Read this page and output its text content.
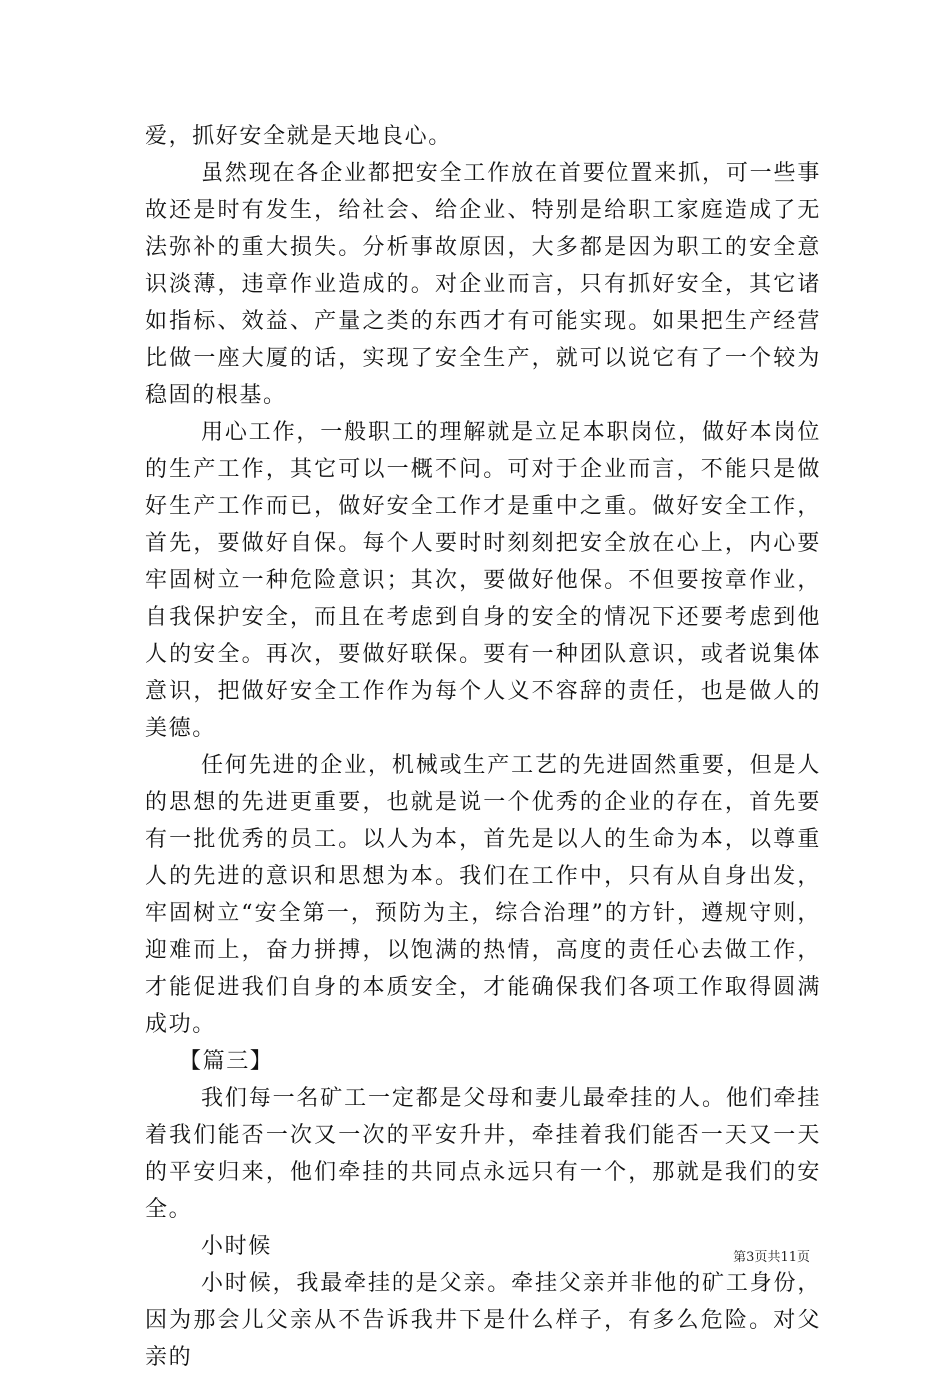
爱，抓好安全就是天地良心。

虽然现在各企业都把安全工作放在首要位置来抓，可一些事故还是时有发生，给社会、给企业、特别是给职工家庭造成了无法弥补的重大损失。分析事故原因，大多都是因为职工的安全意识淡薄，违章作业造成的。对企业而言，只有抓好安全，其它诸如指标、效益、产量之类的东西才有可能实现。如果把生产经营比做一座大厦的话，实现了安全生产，就可以说它有了一个较为稳固的根基。

用心工作，一般职工的理解就是立足本职岗位，做好本岗位的生产工作，其它可以一概不问。可对于企业而言，不能只是做好生产工作而已，做好安全工作才是重中之重。做好安全工作，首先，要做好自保。每个人要时时刻刻把安全放在心上，内心要牢固树立一种危险意识；其次，要做好他保。不但要按章作业，自我保护安全，而且在考虑到自身的安全的情况下还要考虑到他人的安全。再次，要做好联保。要有一种团队意识，或者说集体意识，把做好安全工作作为每个人义不容辞的责任，也是做人的美德。

任何先进的企业，机械或生产工艺的先进固然重要，但是人的思想的先进更重要，也就是说一个优秀的企业的存在，首先要有一批优秀的员工。以人为本，首先是以人的生命为本，以尊重人的先进的意识和思想为本。我们在工作中，只有从自身出发，牢固树立“安全第一，预防为主，综合治理”的方针，遵规守则，迎难而上，奋力拼搏，以饱满的热情，高度的责任心去做工作，才能促进我们自身的本质安全，才能确保我们各项工作取得圆满成功。

【篇三】

我们每一名矿工一定都是父母和妻儿最牵挂的人。他们牵挂着我们能否一次又一次的平安升井，牵挂着我们能否一天又一天的平安归来，他们牵挂的共同点永远只有一个，那就是我们的安全。

小时候

小时候，我最牵挂的是父亲。牵挂父亲并非他的矿工身份，因为那会儿父亲从不告诉我井下是什么样子，有多么危险。对父亲的

第3页共11页
